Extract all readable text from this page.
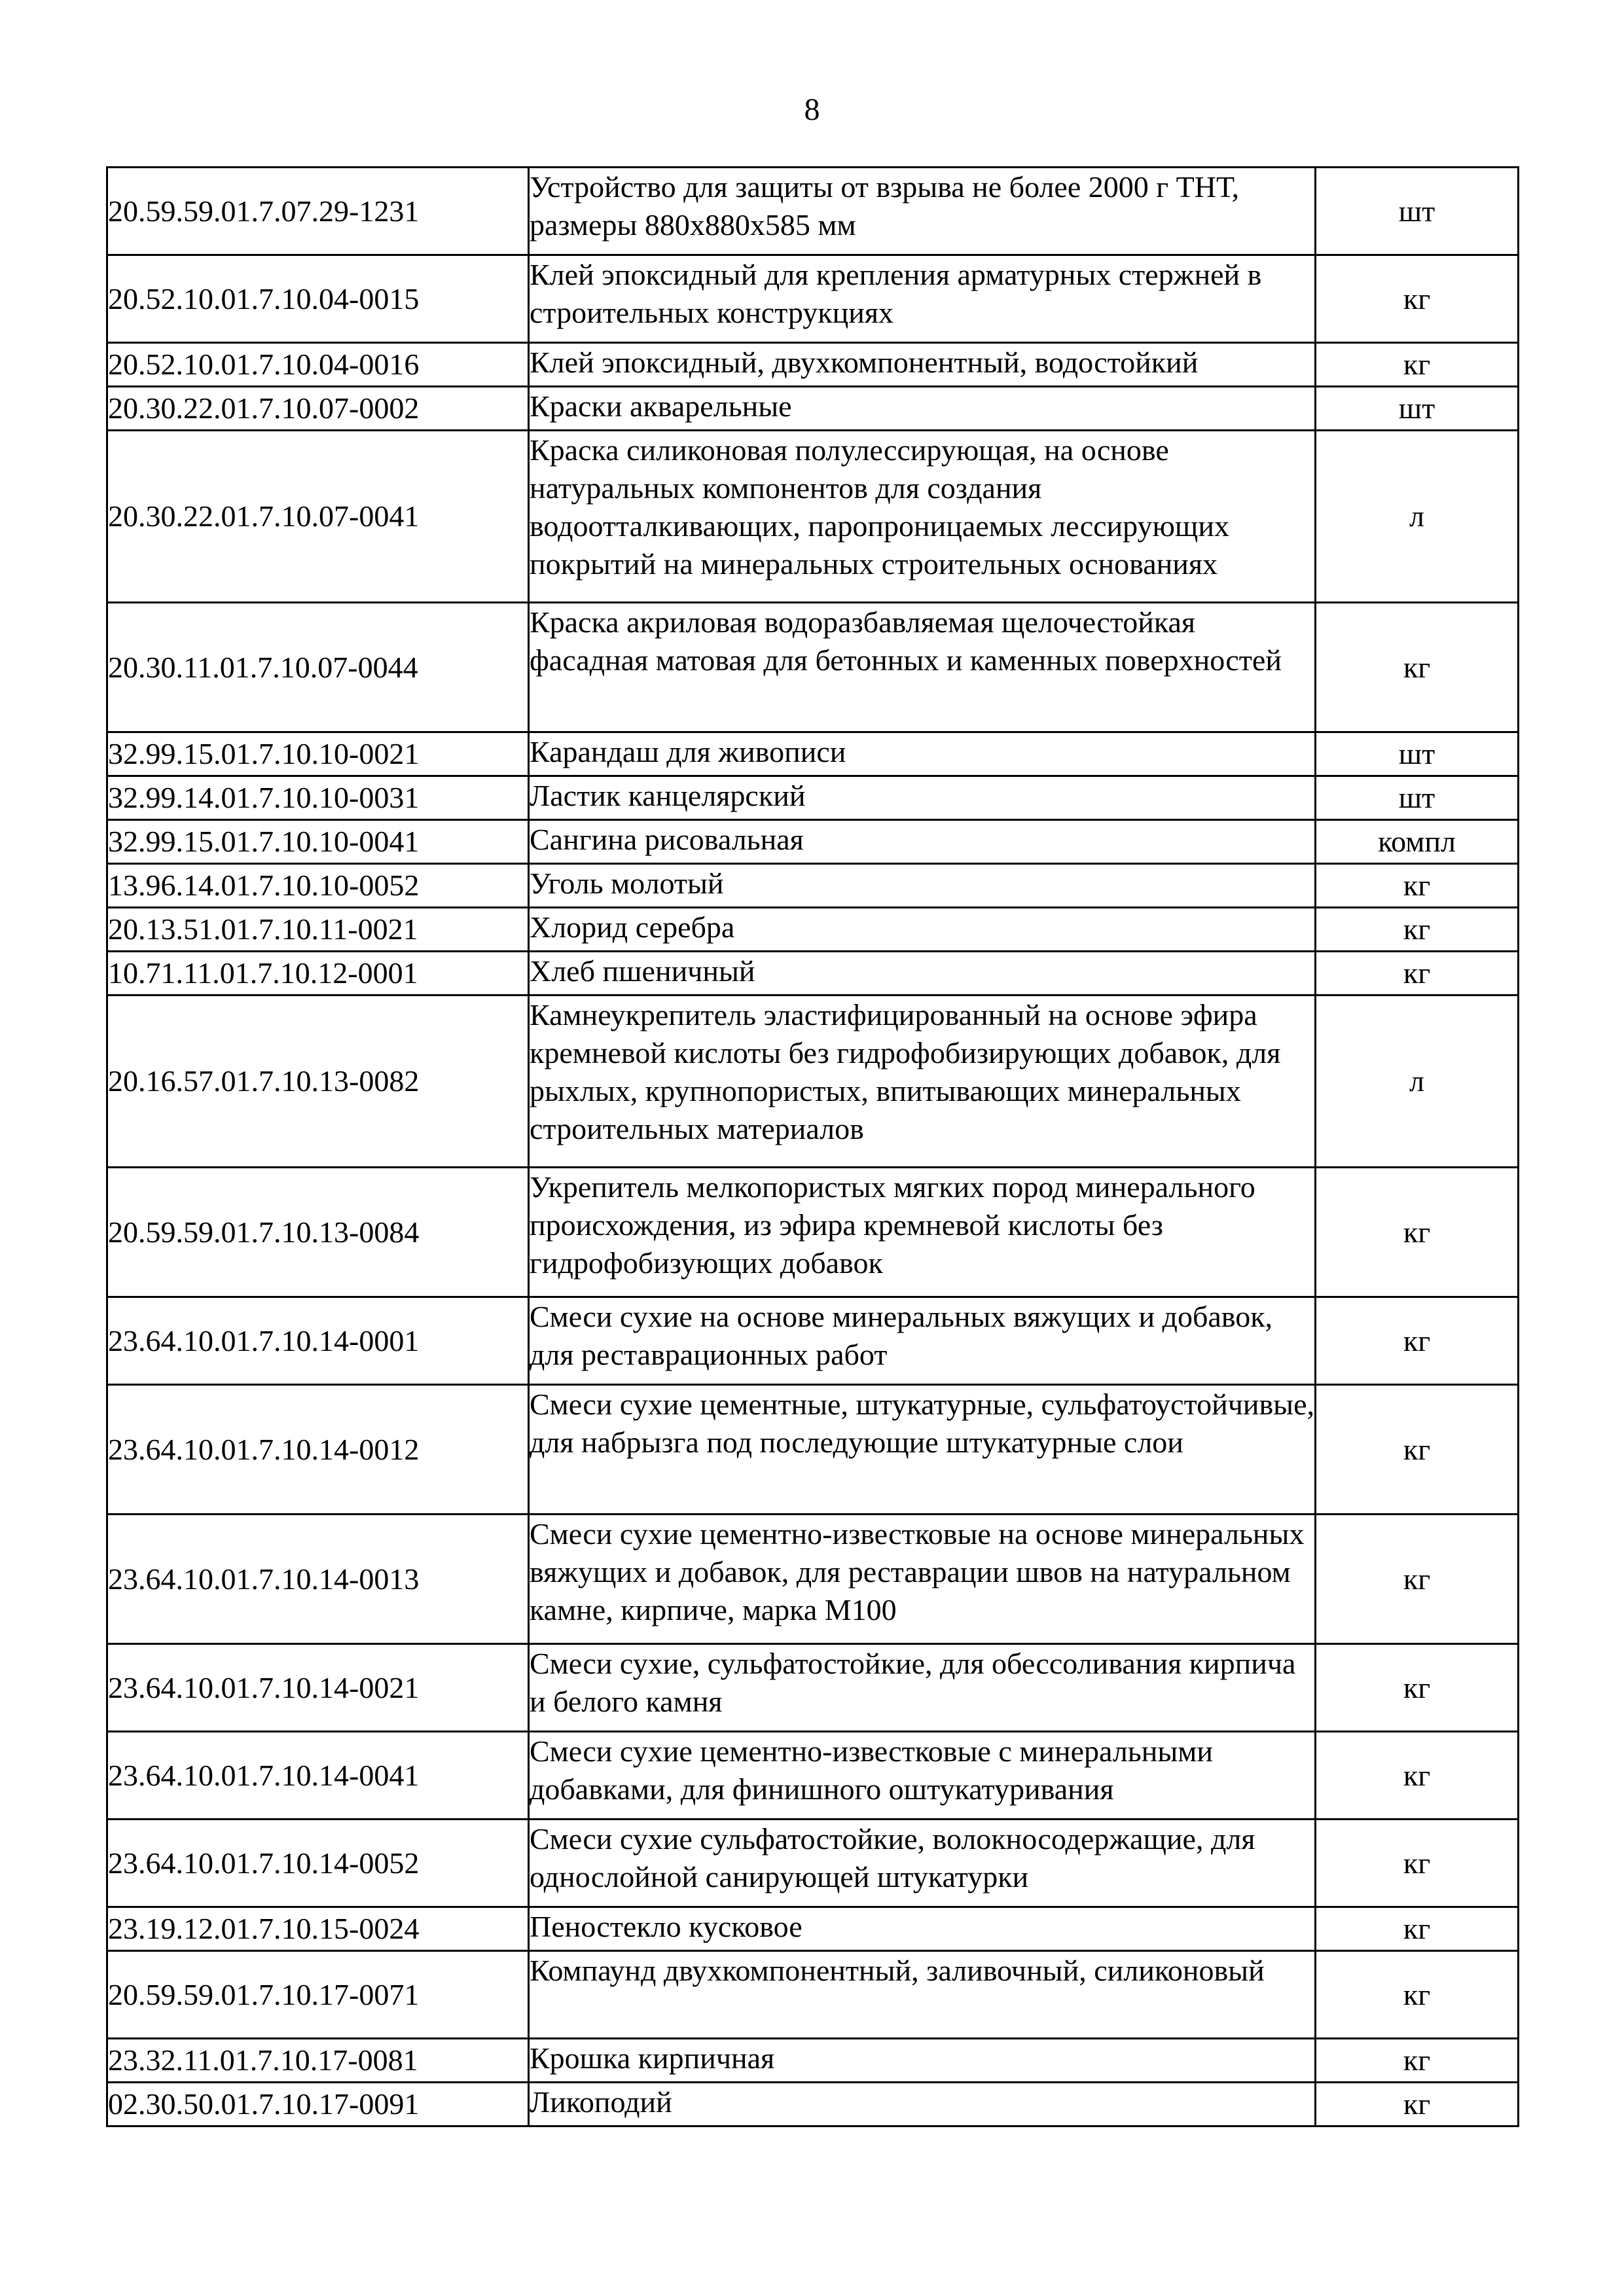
8
20.59.59.01.7.07.29-1231	Устройство для защиты от взрыва не более 2000 г ТНТ, размеры 880х880х585 мм	шт
20.52.10.01.7.10.04-0015	Клей эпоксидный для крепления арматурных стержней в строительных конструкциях	кг
20.52.10.01.7.10.04-0016	Клей эпоксидный, двухкомпонентный, водостойкий	кг
20.30.22.01.7.10.07-0002	Краски акварельные	шт
20.30.22.01.7.10.07-0041	Краска силиконовая полулессирующая, на основе натуральных компонентов для создания водоотталкивающих, паропроницаемых лессирующих покрытий на минеральных строительных основаниях	л
20.30.11.01.7.10.07-0044	Краска акриловая водоразбавляемая щелочестойкая фасадная матовая для бетонных и каменных поверхностей	кг
32.99.15.01.7.10.10-0021	Карандаш для живописи	шт
32.99.14.01.7.10.10-0031	Ластик канцелярский	шт
32.99.15.01.7.10.10-0041	Сангина рисовальная	компл
13.96.14.01.7.10.10-0052	Уголь молотый	кг
20.13.51.01.7.10.11-0021	Хлорид серебра	кг
10.71.11.01.7.10.12-0001	Хлеб пшеничный	кг
20.16.57.01.7.10.13-0082	Камнеукрепитель эластифицированный на основе эфира кремневой кислоты без гидрофобизирующих добавок, для рыхлых, крупнопористых, впитывающих минеральных строительных материалов	л
20.59.59.01.7.10.13-0084	Укрепитель мелкопористых мягких пород минерального происхождения, из эфира кремневой кислоты без гидрофобизующих добавок	кг
23.64.10.01.7.10.14-0001	Смеси сухие на основе минеральных вяжущих и добавок, для реставрационных работ	кг
23.64.10.01.7.10.14-0012	Смеси сухие цементные, штукатурные, сульфатоустойчивые, для набрызга под последующие штукатурные слои	кг
23.64.10.01.7.10.14-0013	Смеси сухие цементно-известковые на основе минеральных вяжущих и добавок, для реставрации швов на натуральном камне, кирпиче, марка М100	кг
23.64.10.01.7.10.14-0021	Смеси сухие, сульфатостойкие, для обессоливания кирпича и белого камня	кг
23.64.10.01.7.10.14-0041	Смеси сухие цементно-известковые с минеральными добавками, для финишного оштукатуривания	кг
23.64.10.01.7.10.14-0052	Смеси сухие сульфатостойкие, волокносодержащие, для однослойной санирующей штукатурки	кг
23.19.12.01.7.10.15-0024	Пеностекло кусковое	кг
20.59.59.01.7.10.17-0071	Компаунд двухкомпонентный, заливочный, силиконовый	кг
23.32.11.01.7.10.17-0081	Крошка кирпичная	кг
02.30.50.01.7.10.17-0091	Ликоподий	кг
